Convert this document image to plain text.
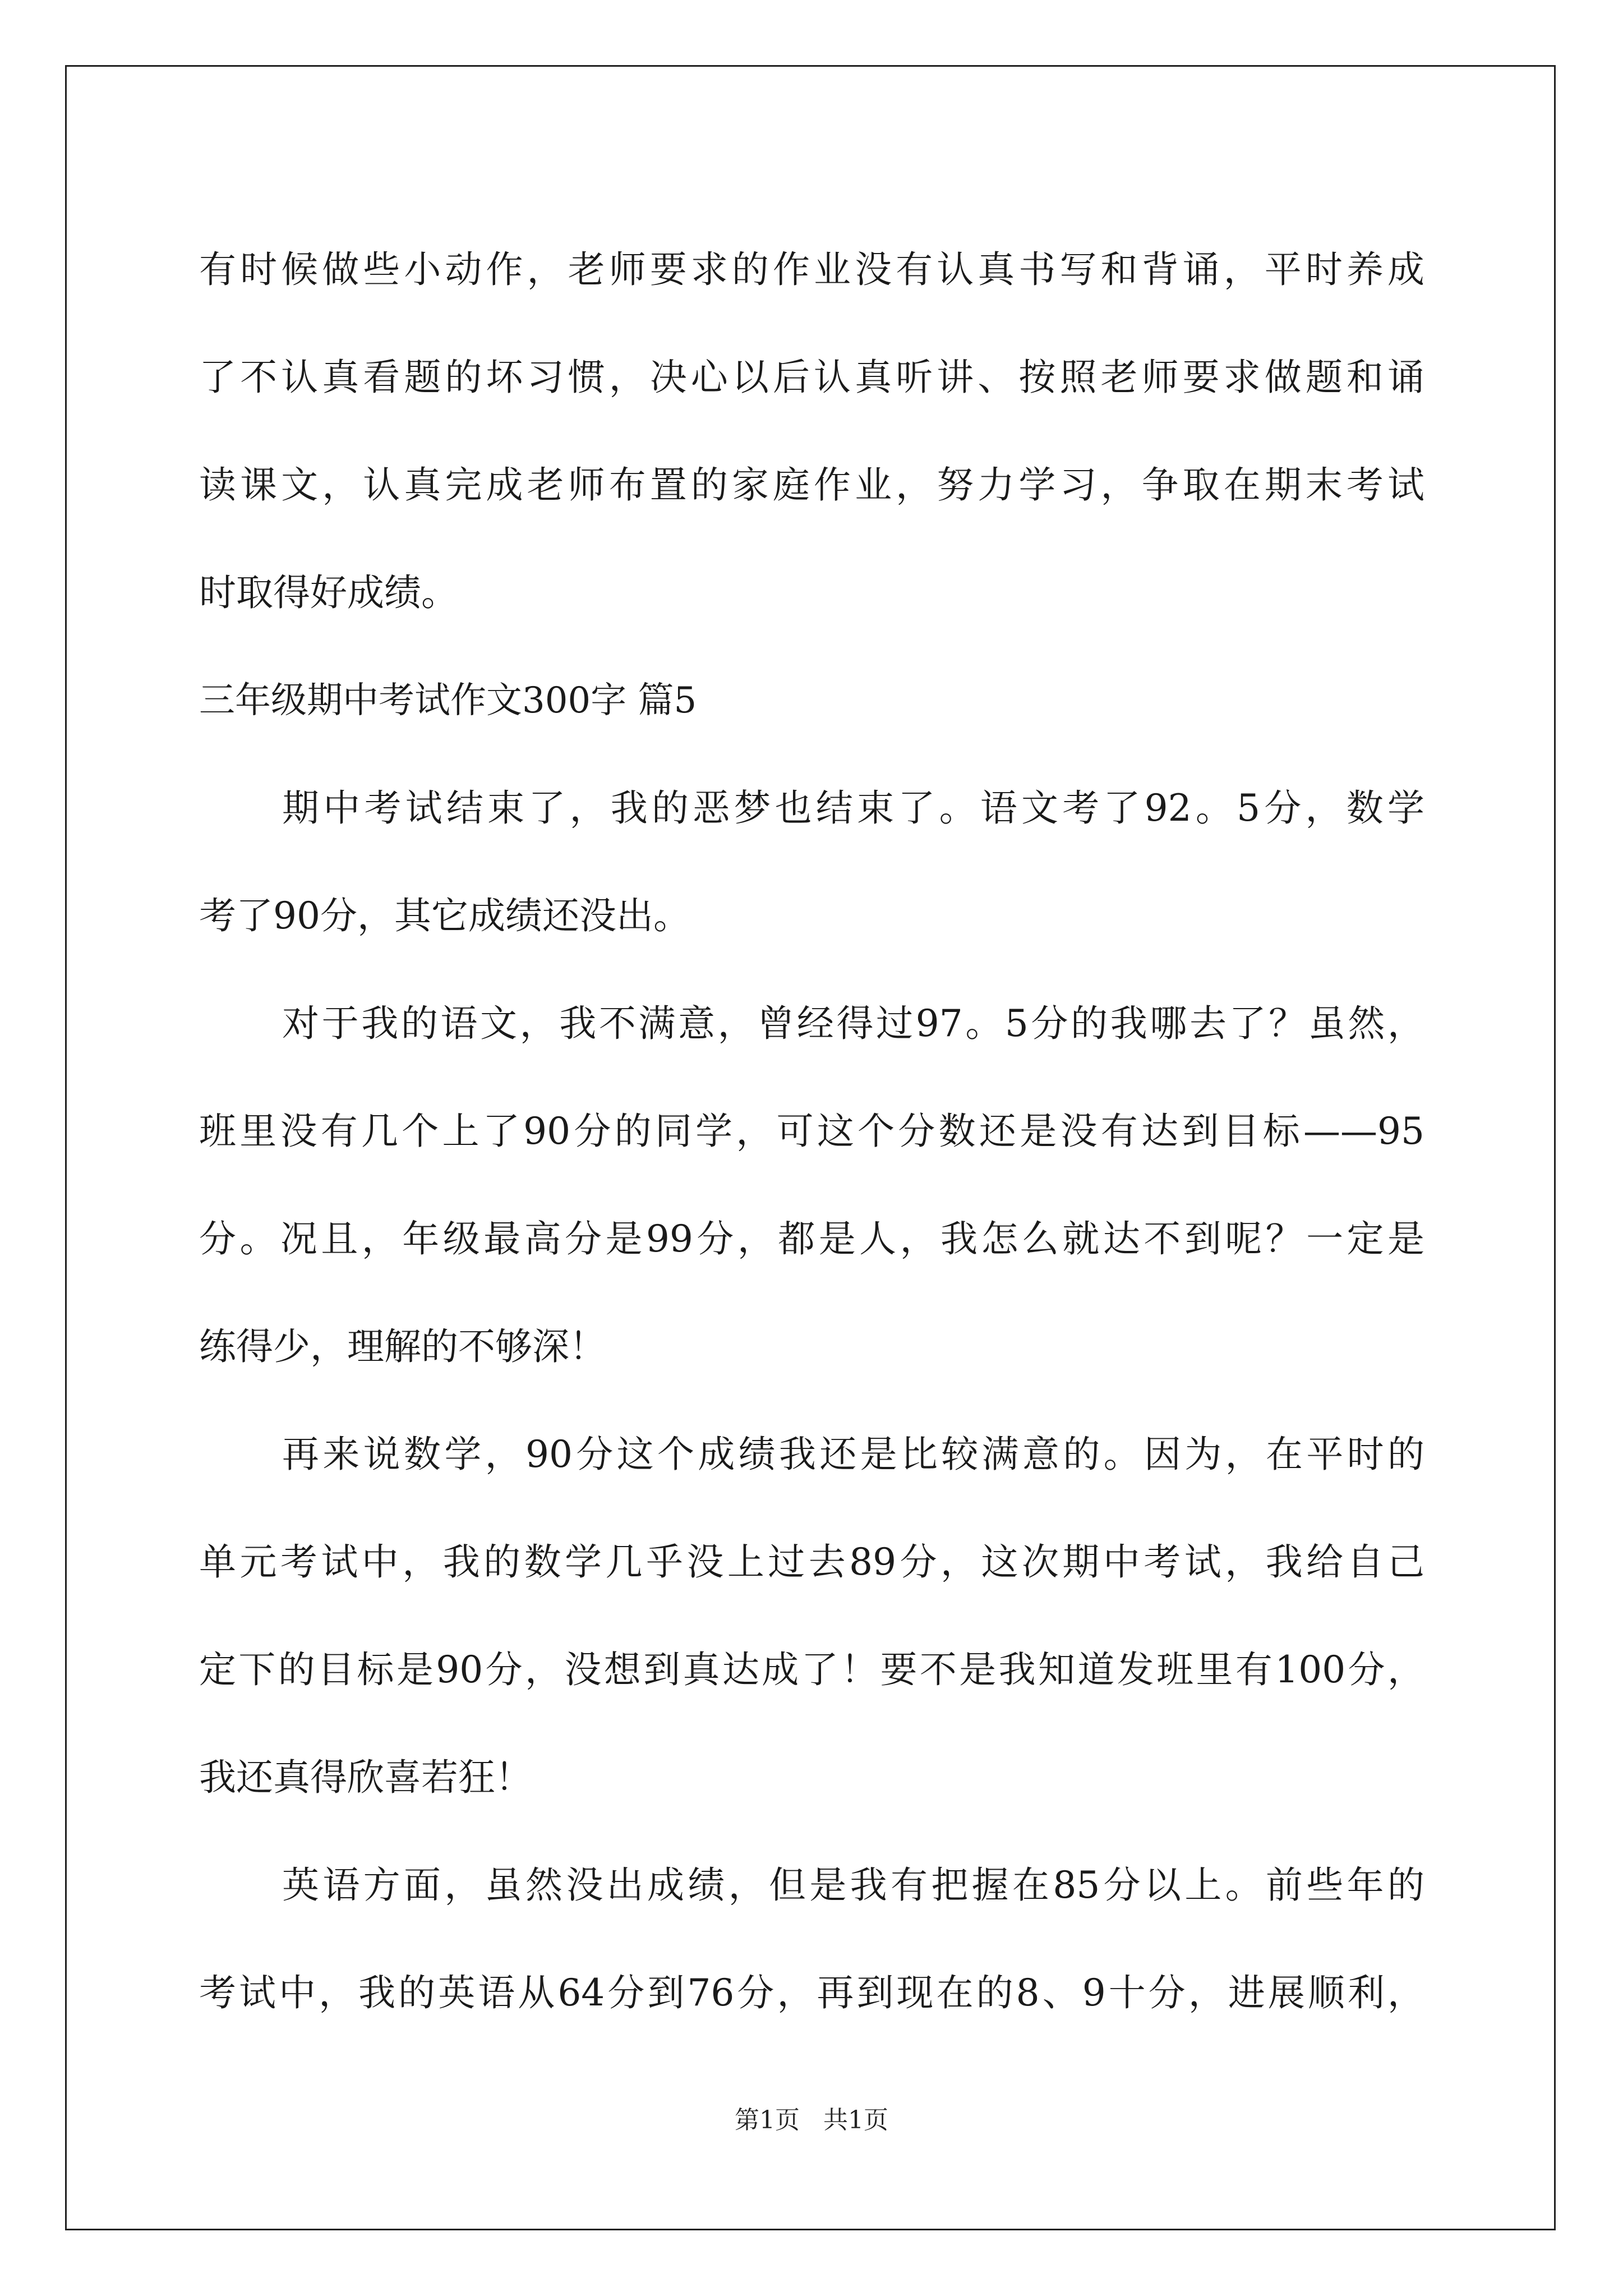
有时候做些小动作，老师要求的作业没有认真书写和背诵，平时养成
了不认真看题的坏习惯，决心以后认真听讲、按照老师要求做题和诵
读课文，认真完成老师布置的家庭作业，努力学习，争取在期末考试
时取得好成绩。
三年级期中考试作文300字 篇5
期中考试结束了，我的恶梦也结束了。语文考了92。5分，数学
考了90分，其它成绩还没出。
对于我的语文，我不满意，曾经得过97。5分的我哪去了？虽然，
班里没有几个上了90分的同学，可这个分数还是没有达到目标——95
分。况且，年级最高分是99分，都是人，我怎么就达不到呢？一定是
练得少，理解的不够深！
再来说数学，90分这个成绩我还是比较满意的。因为，在平时的
单元考试中，我的数学几乎没上过去89分，这次期中考试，我给自己
定下的目标是90分，没想到真达成了！要不是我知道发班里有100分，
我还真得欣喜若狂！
英语方面，虽然没出成绩，但是我有把握在85分以上。前些年的
考试中，我的英语从64分到76分，再到现在的8、9十分，进展顺利，
第1页   共1页
